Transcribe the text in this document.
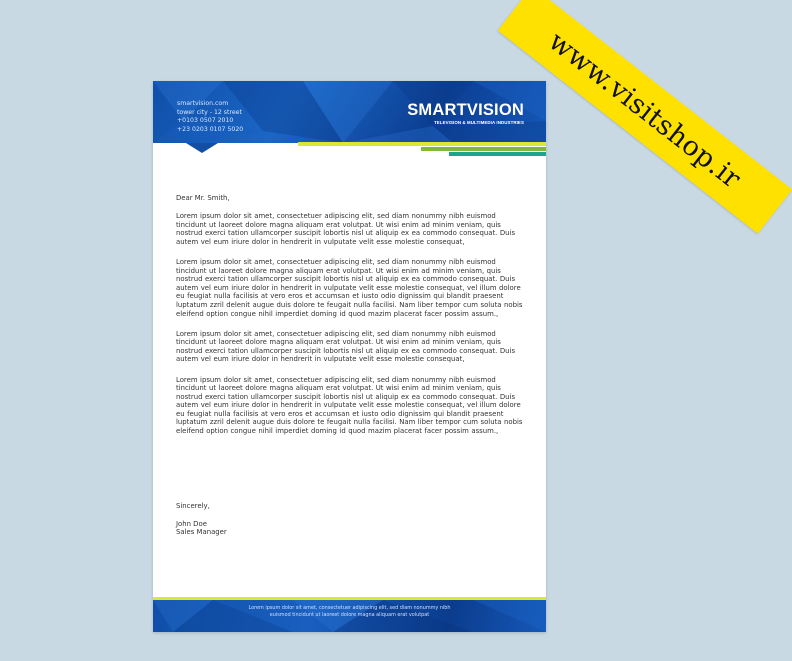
smartvision.com
tower city - 12 street
+0103 0507 2010
+23 0203 0107 5020
SMARTVISION
TELEVISION & MULTIMEDIA INDUSTRIES

Dear Mr. Smith,

Lorem ipsum dolor sit amet, consectetuer adipiscing elit, sed diam nonummy nibh euismod tincidunt ut laoreet dolore magna aliquam erat volutpat. Ut wisi enim ad minim veniam, quis nostrud exerci tation ullamcorper suscipit lobortis nisl ut aliquip ex ea commodo consequat. Duis autem vel eum iriure dolor in hendrerit in vulputate velit esse molestie consequat,

Lorem ipsum dolor sit amet, consectetuer adipiscing elit, sed diam nonummy nibh euismod tincidunt ut laoreet dolore magna aliquam erat volutpat. Ut wisi enim ad minim veniam, quis nostrud exerci tation ullamcorper suscipit lobortis nisl ut aliquip ex ea commodo consequat. Duis autem vel eum iriure dolor in hendrerit in vulputate velit esse molestie consequat, vel illum dolore eu feugiat nulla facilisis at vero eros et accumsan et iusto odio dignissim qui blandit praesent luptatum zzril delenit augue duis dolore te feugait nulla facilisi. Nam liber tempor cum soluta nobis eleifend option congue nihil imperdiet doming id quod mazim placerat facer possim assum.,

Lorem ipsum dolor sit amet, consectetuer adipiscing elit, sed diam nonummy nibh euismod tincidunt ut laoreet dolore magna aliquam erat volutpat. Ut wisi enim ad minim veniam, quis nostrud exerci tation ullamcorper suscipit lobortis nisl ut aliquip ex ea commodo consequat. Duis autem vel eum iriure dolor in hendrerit in vulputate velit esse molestie consequat,

Lorem ipsum dolor sit amet, consectetuer adipiscing elit, sed diam nonummy nibh euismod tincidunt ut laoreet dolore magna aliquam erat volutpat. Ut wisi enim ad minim veniam, quis nostrud exerci tation ullamcorper suscipit lobortis nisl ut aliquip ex ea commodo consequat. Duis autem vel eum iriure dolor in hendrerit in vulputate velit esse molestie consequat, vel illum dolore eu feugiat nulla facilisis at vero eros et accumsan et iusto odio dignissim qui blandit praesent luptatum zzril delenit augue duis dolore te feugait nulla facilisi. Nam liber tempor cum soluta nobis eleifend option congue nihil imperdiet doming id quod mazim placerat facer possim assum.,

Sincerely,
John Doe
Sales Manager
Lorem ipsum dolor sit amet, consectetuer adipiscing elit, sed diam nonummy nibh
euismod tincidunt ut laoreet dolore magna aliquam erat volutpat
www.visitshop.ir
